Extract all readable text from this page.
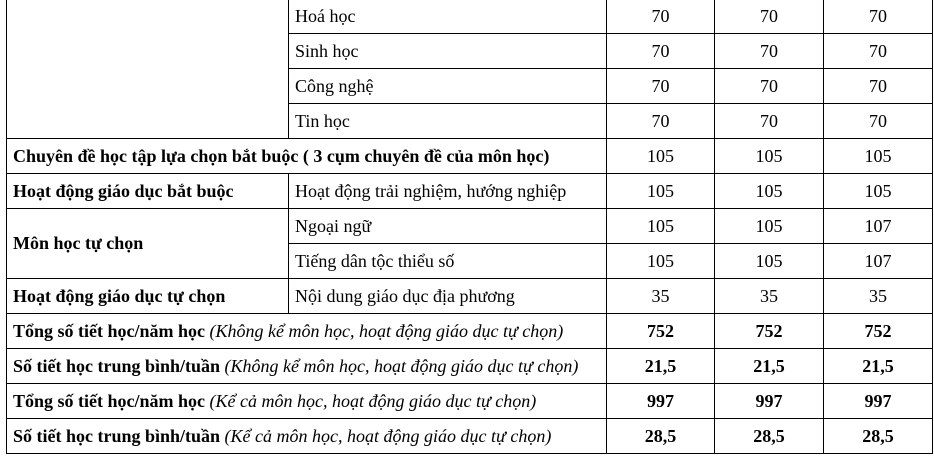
	Hoá học	70	70	70
	Sinh học	70	70	70
	Công nghệ	70	70	70
	Tin học	70	70	70
Chuyên đề học tập lựa chọn bắt buộc ( 3 cụm chuyên đề của môn học)		105	105	105
Hoạt động giáo dục bắt buộc	Hoạt động trải nghiệm, hướng nghiệp	105	105	105
Môn học tự chọn	Ngoại ngữ	105	105	107
	Tiếng dân tộc thiểu số	105	105	107
Hoạt động giáo dục tự chọn	Nội dung giáo dục địa phương	35	35	35
Tổng số tiết học/năm học (Không kể môn học, hoạt động giáo dục tự chọn)		752	752	752
Số tiết học trung bình/tuần (Không kể môn học, hoạt động giáo dục tự chọn)		21,5	21,5	21,5
Tổng số tiết học/năm học (Kể cả môn học, hoạt động giáo dục tự chọn)		997	997	997
Số tiết học trung bình/tuần (Kể cả môn học, hoạt động giáo dục tự chọn)		28,5	28,5	28,5
